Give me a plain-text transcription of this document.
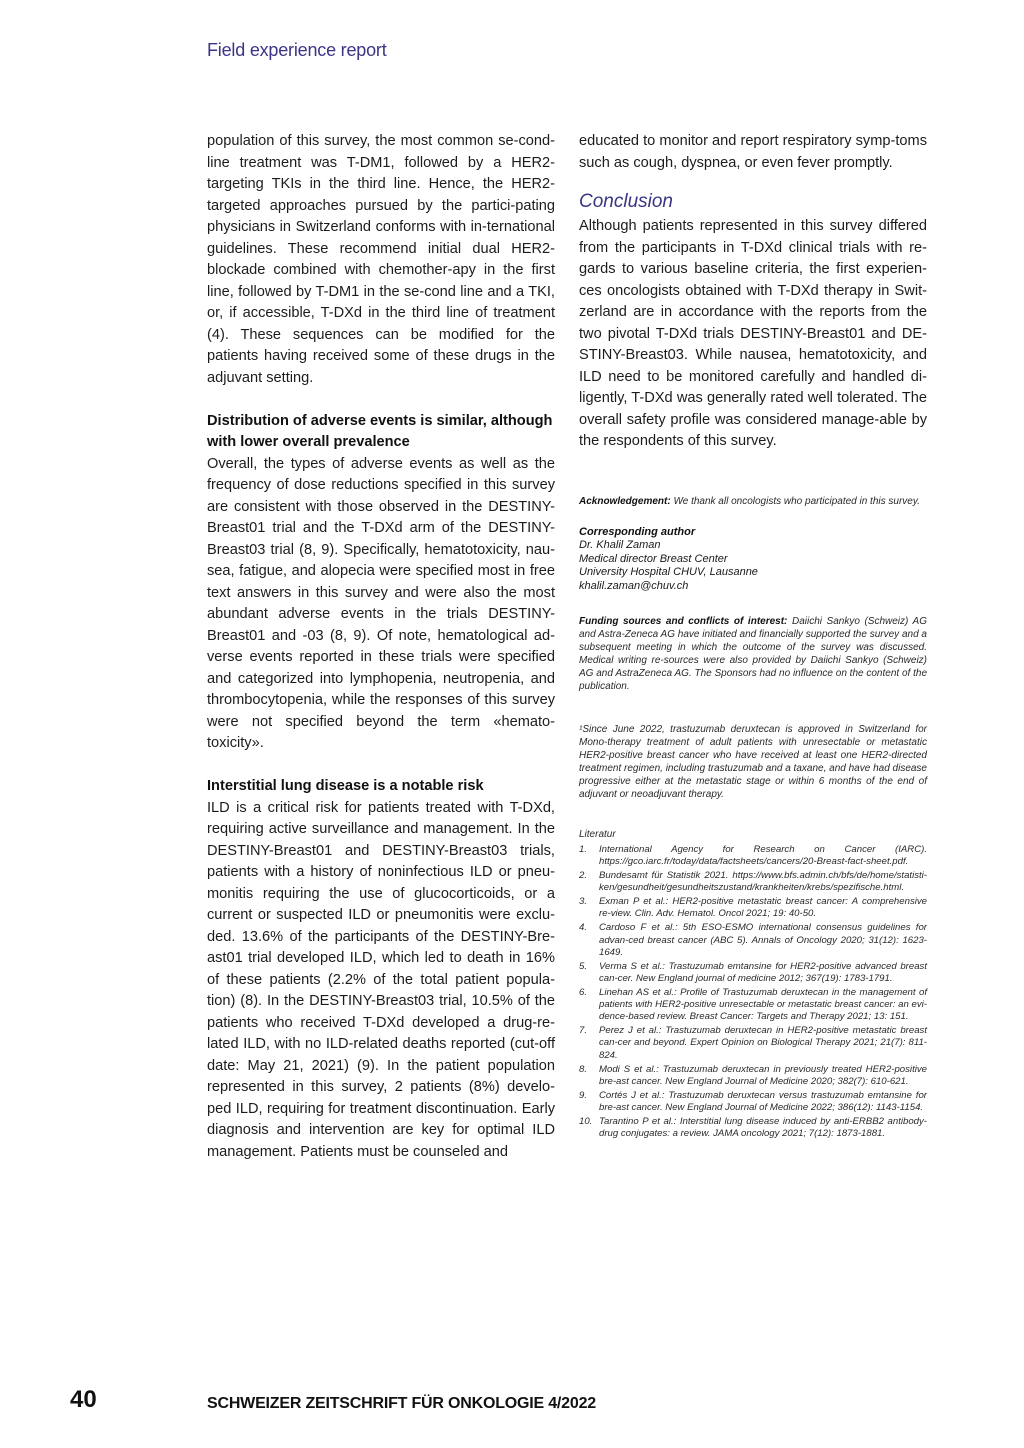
Field experience report

population of this survey, the most common se-cond-line treatment was T-DM1, followed by a HER2-targeting TKIs in the third line. Hence, the HER2-targeted approaches pursued by the partici-pating physicians in Switzerland conforms with in-ternational guidelines. These recommend initial dual HER2-blockade combined with chemother-apy in the first line, followed by T-DM1 in the se-cond line and a TKI, or, if accessible, T-DXd in the third line of treatment (4). These sequences can be modified for the patients having received some of these drugs in the adjuvant setting.

Distribution of adverse events is similar, although with lower overall prevalence

Overall, the types of adverse events as well as the frequency of dose reductions specified in this survey are consistent with those observed in the DESTINY-Breast01 trial and the T-DXd arm of the DESTINY-Breast03 trial (8, 9). Specifically, hematotoxicity, nau-sea, fatigue, and alopecia were specified most in free text answers in this survey and were also the most abundant adverse events in the trials DESTINY-Breast01 and -03 (8, 9). Of note, hematological ad-verse events reported in these trials were specified and categorized into lymphopenia, neutropenia, and thrombocytopenia, while the responses of this survey were not specified beyond the term «hemato-toxicity».

Interstitial lung disease is a notable risk

ILD is a critical risk for patients treated with T-DXd, requiring active surveillance and management. In the DESTINY-Breast01 and DESTINY-Breast03 trials, patients with a history of noninfectious ILD or pneu-monitis requiring the use of glucocorticoids, or a current or suspected ILD or pneumonitis were exclu-ded. 13.6% of the participants of the DESTINY-Bre-ast01 trial developed ILD, which led to death in 16% of these patients (2.2% of the total patient popula-tion) (8). In the DESTINY-Breast03 trial, 10.5% of the patients who received T-DXd developed a drug-re-lated ILD, with no ILD-related deaths reported (cut-off date: May 21, 2021) (9). In the patient population represented in this survey, 2 patients (8%) develo-ped ILD, requiring for treatment discontinuation. Early diagnosis and intervention are key for optimal ILD management. Patients must be counseled and

educated to monitor and report respiratory symp-toms such as cough, dyspnea, or even fever promptly.

Conclusion

Although patients represented in this survey differed from the participants in T-DXd clinical trials with re-gards to various baseline criteria, the first experien-ces oncologists obtained with T-DXd therapy in Swit-zerland are in accordance with the reports from the two pivotal T-DXd trials DESTINY-Breast01 and DE-STINY-Breast03. While nausea, hematotoxicity, and ILD need to be monitored carefully and handled di-ligently, T-DXd was generally rated well tolerated. The overall safety profile was considered manage-able by the respondents of this survey.

Acknowledgement: We thank all oncologists who participated in this survey.

Corresponding author
Dr. Khalil Zaman
Medical director Breast Center
University Hospital CHUV, Lausanne
khalil.zaman@chuv.ch

Funding sources and conflicts of interest: Daiichi Sankyo (Schweiz) AG and Astra-Zeneca AG have initiated and financially supported the survey and a subsequent meeting in which the outcome of the survey was discussed. Medical writing re-sources were also provided by Daiichi Sankyo (Schweiz) AG and AstraZeneca AG. The Sponsors had no influence on the content of the publication.

¹Since June 2022, trastuzumab deruxtecan is approved in Switzerland for Mono-therapy treatment of adult patients with unresectable or metastatic HER2-positive breast cancer who have received at least one HER2-directed treatment regimen, including trastuzumab and a taxane, and have had disease progressive either at the metastatic stage or within 6 months of the end of adjuvant or neoadjuvant therapy.

Literatur
1. International Agency for Research on Cancer (IARC). https://gco.iarc.fr/today/data/factsheets/cancers/20-Breast-fact-sheet.pdf.
2. Bundesamt für Statistik 2021. https://www.bfs.admin.ch/bfs/de/home/statisti-ken/gesundheit/gesundheitszustand/krankheiten/krebs/spezifische.html.
3. Exman P et al.: HER2-positive metastatic breast cancer: A comprehensive re-view. Clin. Adv. Hematol. Oncol 2021; 19: 40-50.
4. Cardoso F et al.: 5th ESO-ESMO international consensus guidelines for advan-ced breast cancer (ABC 5). Annals of Oncology 2020; 31(12): 1623-1649.
5. Verma S et al.: Trastuzumab emtansine for HER2-positive advanced breast can-cer. New England journal of medicine 2012; 367(19): 1783-1791.
6. Linehan AS et al.: Profile of Trastuzumab deruxtecan in the management of patients with HER2-positive unresectable or metastatic breast cancer: an evi-dence-based review. Breast Cancer: Targets and Therapy 2021; 13: 151.
7. Perez J et al.: Trastuzumab deruxtecan in HER2-positive metastatic breast can-cer and beyond. Expert Opinion on Biological Therapy 2021; 21(7): 811-824.
8. Modi S et al.: Trastuzumab deruxtecan in previously treated HER2-positive bre-ast cancer. New England Journal of Medicine 2020; 382(7): 610-621.
9. Cortés J et al.: Trastuzumab deruxtecan versus trastuzumab emtansine for bre-ast cancer. New England Journal of Medicine 2022; 386(12): 1143-1154.
10. Tarantino P et al.: Interstitial lung disease induced by anti-ERBB2 antibody-drug conjugates: a review. JAMA oncology 2021; 7(12): 1873-1881.
40	SCHWEIZER ZEITSCHRIFT FÜR ONKOLOGIE 4/2022
